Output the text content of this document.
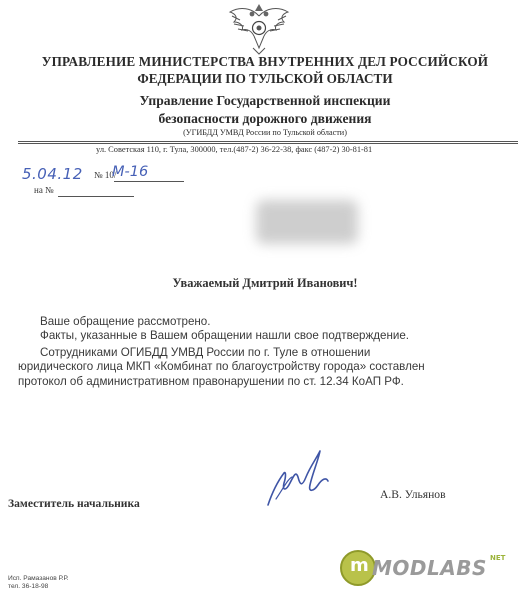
УПРАВЛЕНИЕ МИНИСТЕРСТВА ВНУТРЕННИХ ДЕЛ РОССИЙСКОЙ
ФЕДЕРАЦИИ ПО ТУЛЬСКОЙ ОБЛАСТИ
Управление Государственной инспекции
безопасности дорожного движения
(УГИБДД УМВД России по Тульской области)
ул. Советская 110, г. Тула, 300000, тел.(487-2) 36-22-38, факс (487-2) 30-81-81
5.04.12 № 10/
М-16
на №
Уважаемый Дмитрий Иванович!
Ваше обращение рассмотрено.
Факты, указанные в Вашем обращении нашли свое подтверждение.
Сотрудниками ОГИБДД УМВД России по г. Туле в отношении
юридического лица МКП «Комбинат по благоустройству города» составлен
протокол об административном правонарушении по ст. 12.34 КоАП РФ.
Заместитель начальника
А.В. Ульянов
Исп. Рамазанов Р.Р.
тел. 36-18-98
m MODLABS NET
